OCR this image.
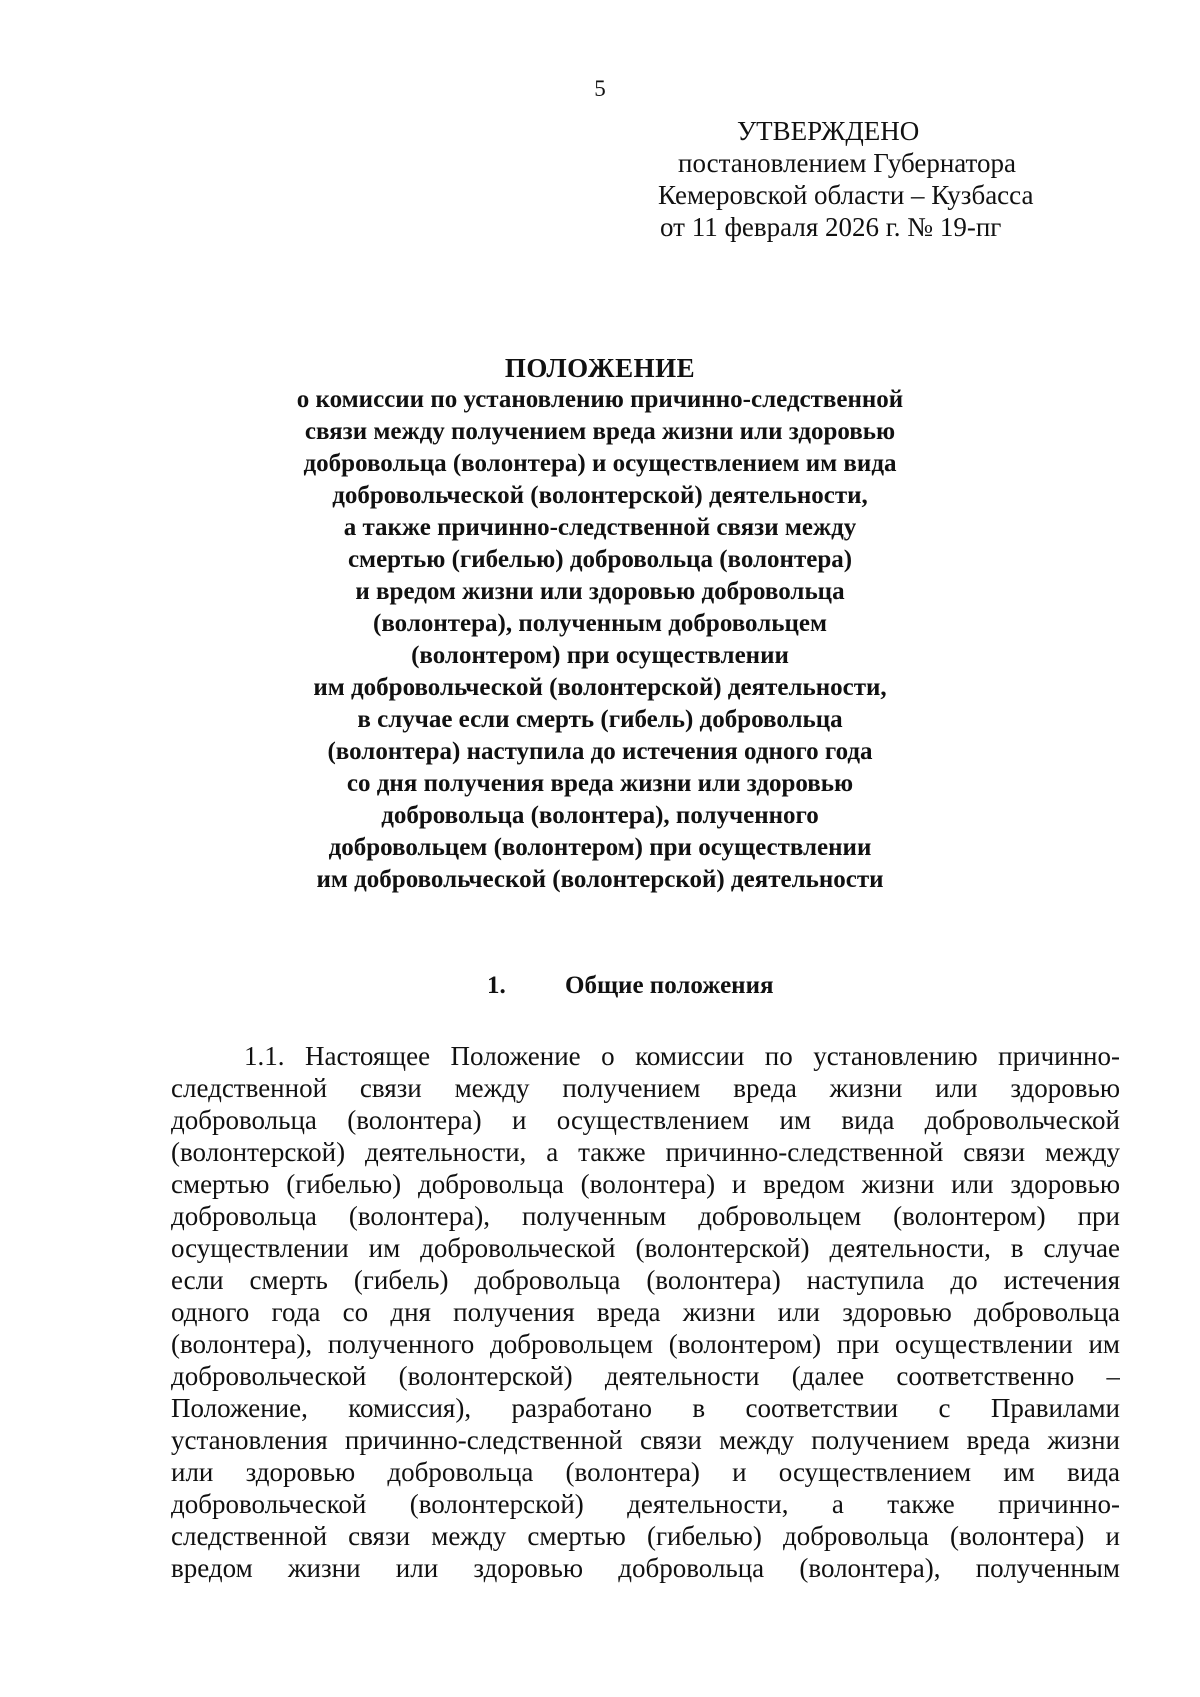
5
УТВЕРЖДЕНО
постановлением Губернатора
Кемеровской области – Кузбасса
от 11 февраля 2026 г. № 19-пг
ПОЛОЖЕНИЕ
о комиссии по установлению причинно-следственной
связи между получением вреда жизни или здоровью
добровольца (волонтера) и осуществлением им вида
добровольческой (волонтерской) деятельности,
а также причинно-следственной связи между
смертью (гибелью) добровольца (волонтера)
и вредом жизни или здоровью добровольца
(волонтера), полученным добровольцем
(волонтером) при осуществлении
им добровольческой (волонтерской) деятельности,
в случае если смерть (гибель) добровольца
(волонтера) наступила до истечения одного года
со дня получения вреда жизни или здоровью
добровольца (волонтера), полученного
добровольцем (волонтером) при осуществлении
им добровольческой (волонтерской) деятельности
1. Общие положения
1.1. Настоящее Положение о комиссии по установлению причинно-
следственной связи между получением вреда жизни или здоровью
добровольца (волонтера) и осуществлением им вида добровольческой
(волонтерской) деятельности, а также причинно-следственной связи между
смертью (гибелью) добровольца (волонтера) и вредом жизни или здоровью
добровольца (волонтера), полученным добровольцем (волонтером) при
осуществлении им добровольческой (волонтерской) деятельности, в случае
если смерть (гибель) добровольца (волонтера) наступила до истечения
одного года со дня получения вреда жизни или здоровью добровольца
(волонтера), полученного добровольцем (волонтером) при осуществлении им
добровольческой (волонтерской) деятельности (далее соответственно –
Положение, комиссия), разработано в соответствии с Правилами
установления причинно-следственной связи между получением вреда жизни
или здоровью добровольца (волонтера) и осуществлением им вида
добровольческой (волонтерской) деятельности, а также причинно-
следственной связи между смертью (гибелью) добровольца (волонтера) и
вредом жизни или здоровью добровольца (волонтера), полученным
